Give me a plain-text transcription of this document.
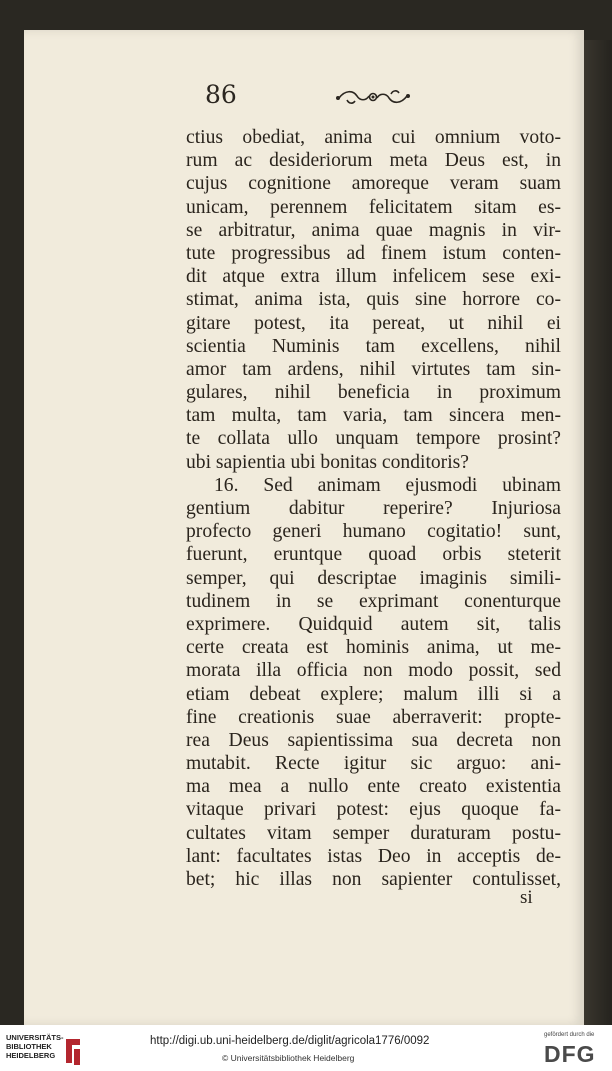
86
ctius obediat, anima cui omnium voto-
rum ac desideriorum meta Deus est, in
cujus cognitione amoreque veram suam
unicam, perennem felicitatem sitam es-
se arbitratur, anima quae magnis in vir-
tute progressibus ad finem istum conten-
dit atque extra illum infelicem sese exi-
stimat, anima ista, quis sine horrore co-
gitare potest, ita pereat, ut nihil ei
scientia Numinis tam excellens, nihil
amor tam ardens, nihil virtutes tam sin-
gulares, nihil beneficia in proximum
tam multa, tam varia, tam sincera men-
te collata ullo unquam tempore prosint?
ubi sapientia ubi bonitas conditoris?
16. Sed animam ejusmodi ubinam
gentium dabitur reperire? Injuriosa
profecto generi humano cogitatio! sunt,
fuerunt, eruntque quoad orbis steterit
semper, qui descriptae imaginis simili-
tudinem in se exprimant conenturque
exprimere. Quidquid autem sit, talis
certe creata est hominis anima, ut me-
morata illa officia non modo possit, sed
etiam debeat explere; malum illi si a
fine creationis suae aberraverit: propte-
rea Deus sapientissima sua decreta non
mutabit. Recte igitur sic arguo: ani-
ma mea a nullo ente creato existentia
vitaque privari potest: ejus quoque fa-
cultates vitam semper duraturam postu-
lant: facultates istas Deo in acceptis de-
bet; hic illas non sapienter contulisset,
si
UNIVERSITÄTS-
BIBLIOTHEK
HEIDELBERG
http://digi.ub.uni-heidelberg.de/diglit/agricola1776/0092
© Universitätsbibliothek Heidelberg
gefördert durch die
DFG
